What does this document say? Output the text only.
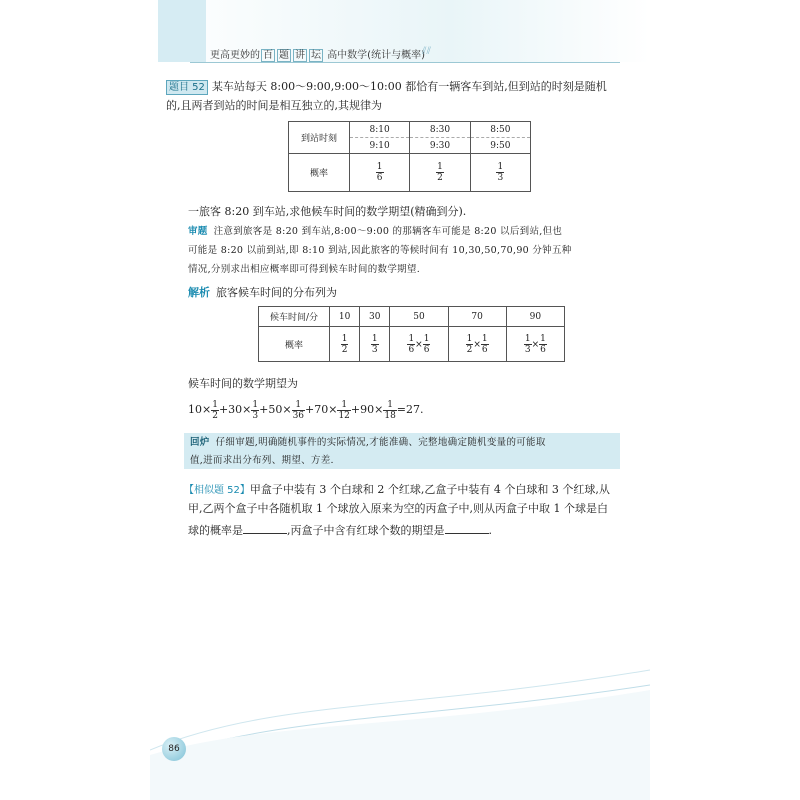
更高更妙的 百 题 讲 坛 高中数学(统计与概率)
⫽⫽
题目 52 某车站每天 8:00～9:00,9:00～10:00 都恰有一辆客车到站,但到站的时刻是随机
的,且两者到站的时间是相互独立的,其规律为
到站时刻	8:10	8:30	8:50
	9:10	9:30	9:50
概率	$\frac{1}{6}$	$\frac{1}{2}$	$\frac{1}{3}$
一旅客 8:20 到车站,求他候车时间的数学期望(精确到分).
审题 注意到旅客是 8:20 到车站,8:00～9:00 的那辆客车可能是 8:20 以后到站,但也
可能是 8:20 以前到站,即 8:10 到站,因此旅客的等候时间有 10,30,50,70,90 分钟五种
情况,分别求出相应概率即可得到候车时间的数学期望.
解析 旅客候车时间的分布列为
候车时间/分	10	30	50	70	90
概率	$\frac{1}{2}$	$\frac{1}{3}$	$\frac{1}{6} \times \frac{1}{6}$	$\frac{1}{2} \times \frac{1}{6}$	$\frac{1}{3} \times \frac{1}{6}$
候车时间的数学期望为
$10\times \frac{1}{2} +30\times \frac{1}{3} +50\times \frac{1}{36} +70\times \frac{1}{12} +90\times \frac{1}{18} =27$.
回炉 仔细审题,明确随机事件的实际情况,才能准确、完整地确定随机变量的可能取
值,进而求出分布列、期望、方差.
【相似题 52】甲盒子中装有 3 个白球和 2 个红球,乙盒子中装有 4 个白球和 3 个红球,从
甲,乙两个盒子中各随机取 1 个球放入原来为空的丙盒子中,则从丙盒子中取 1 个球是白
球的概率是	,丙盒子中含有红球个数的期望是	.
86
